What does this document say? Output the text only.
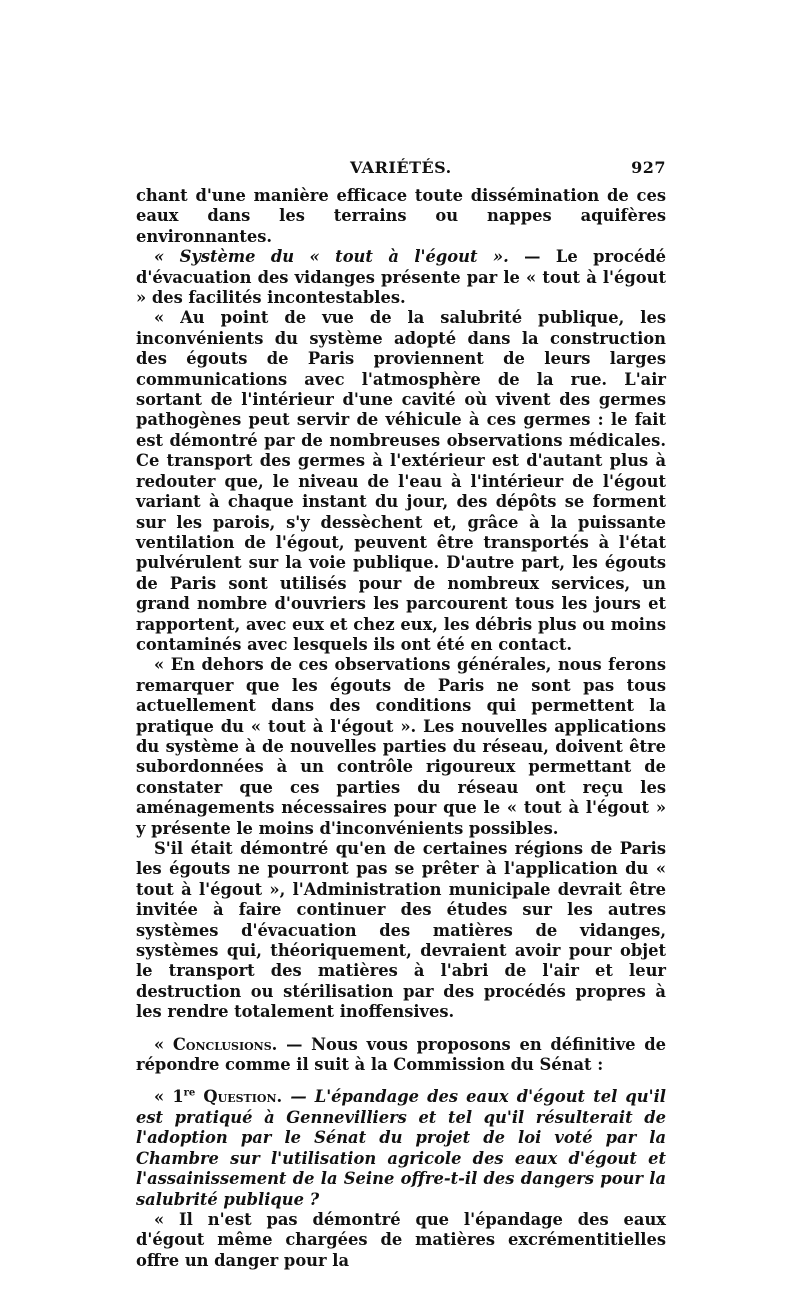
VARIÉTÉS.	927

chant d'une manière efficace toute dissémination de ces eaux dans les terrains ou nappes aquifères environnantes.

« Système du « tout à l'égout ». — Le procédé d'évacuation des vidanges présente par le « tout à l'égout » des facilités incontestables.

« Au point de vue de la salubrité publique, les inconvénients du système adopté dans la construction des égouts de Paris proviennent de leurs larges communications avec l'atmosphère de la rue. L'air sortant de l'intérieur d'une cavité où vivent des germes pathogènes peut servir de véhicule à ces germes : le fait est démontré par de nombreuses observations médicales. Ce transport des germes à l'extérieur est d'autant plus à redouter que, le niveau de l'eau à l'intérieur de l'égout variant à chaque instant du jour, des dépôts se forment sur les parois, s'y dessèchent et, grâce à la puissante ventilation de l'égout, peuvent être transportés à l'état pulvérulent sur la voie publique. D'autre part, les égouts de Paris sont utilisés pour de nombreux services, un grand nombre d'ouvriers les parcourent tous les jours et rapportent, avec eux et chez eux, les débris plus ou moins contaminés avec lesquels ils ont été en contact.

« En dehors de ces observations générales, nous ferons remarquer que les égouts de Paris ne sont pas tous actuellement dans des conditions qui permettent la pratique du « tout à l'égout ». Les nouvelles applications du système à de nouvelles parties du réseau, doivent être subordonnées à un contrôle rigoureux permettant de constater que ces parties du réseau ont reçu les aménagements nécessaires pour que le « tout à l'égout » y présente le moins d'inconvénients possibles.

S'il était démontré qu'en de certaines régions de Paris les égouts ne pourront pas se prêter à l'application du « tout à l'égout », l'Administration municipale devrait être invitée à faire continuer des études sur les autres systèmes d'évacuation des matières de vidanges, systèmes qui, théoriquement, devraient avoir pour objet le transport des matières à l'abri de l'air et leur destruction ou stérilisation par des procédés propres à les rendre totalement inoffensives.

« Conclusions. — Nous vous proposons en définitive de répondre comme il suit à la Commission du Sénat :

« 1re Question. — L'épandage des eaux d'égout tel qu'il est pratiqué à Gennevilliers et tel qu'il résulterait de l'adoption par le Sénat du projet de loi voté par la Chambre sur l'utilisation agricole des eaux d'égout et l'assainissement de la Seine offre-t-il des dangers pour la salubrité publique ?

« Il n'est pas démontré que l'épandage des eaux d'égout même chargées de matières excrémentitielles offre un danger pour la
